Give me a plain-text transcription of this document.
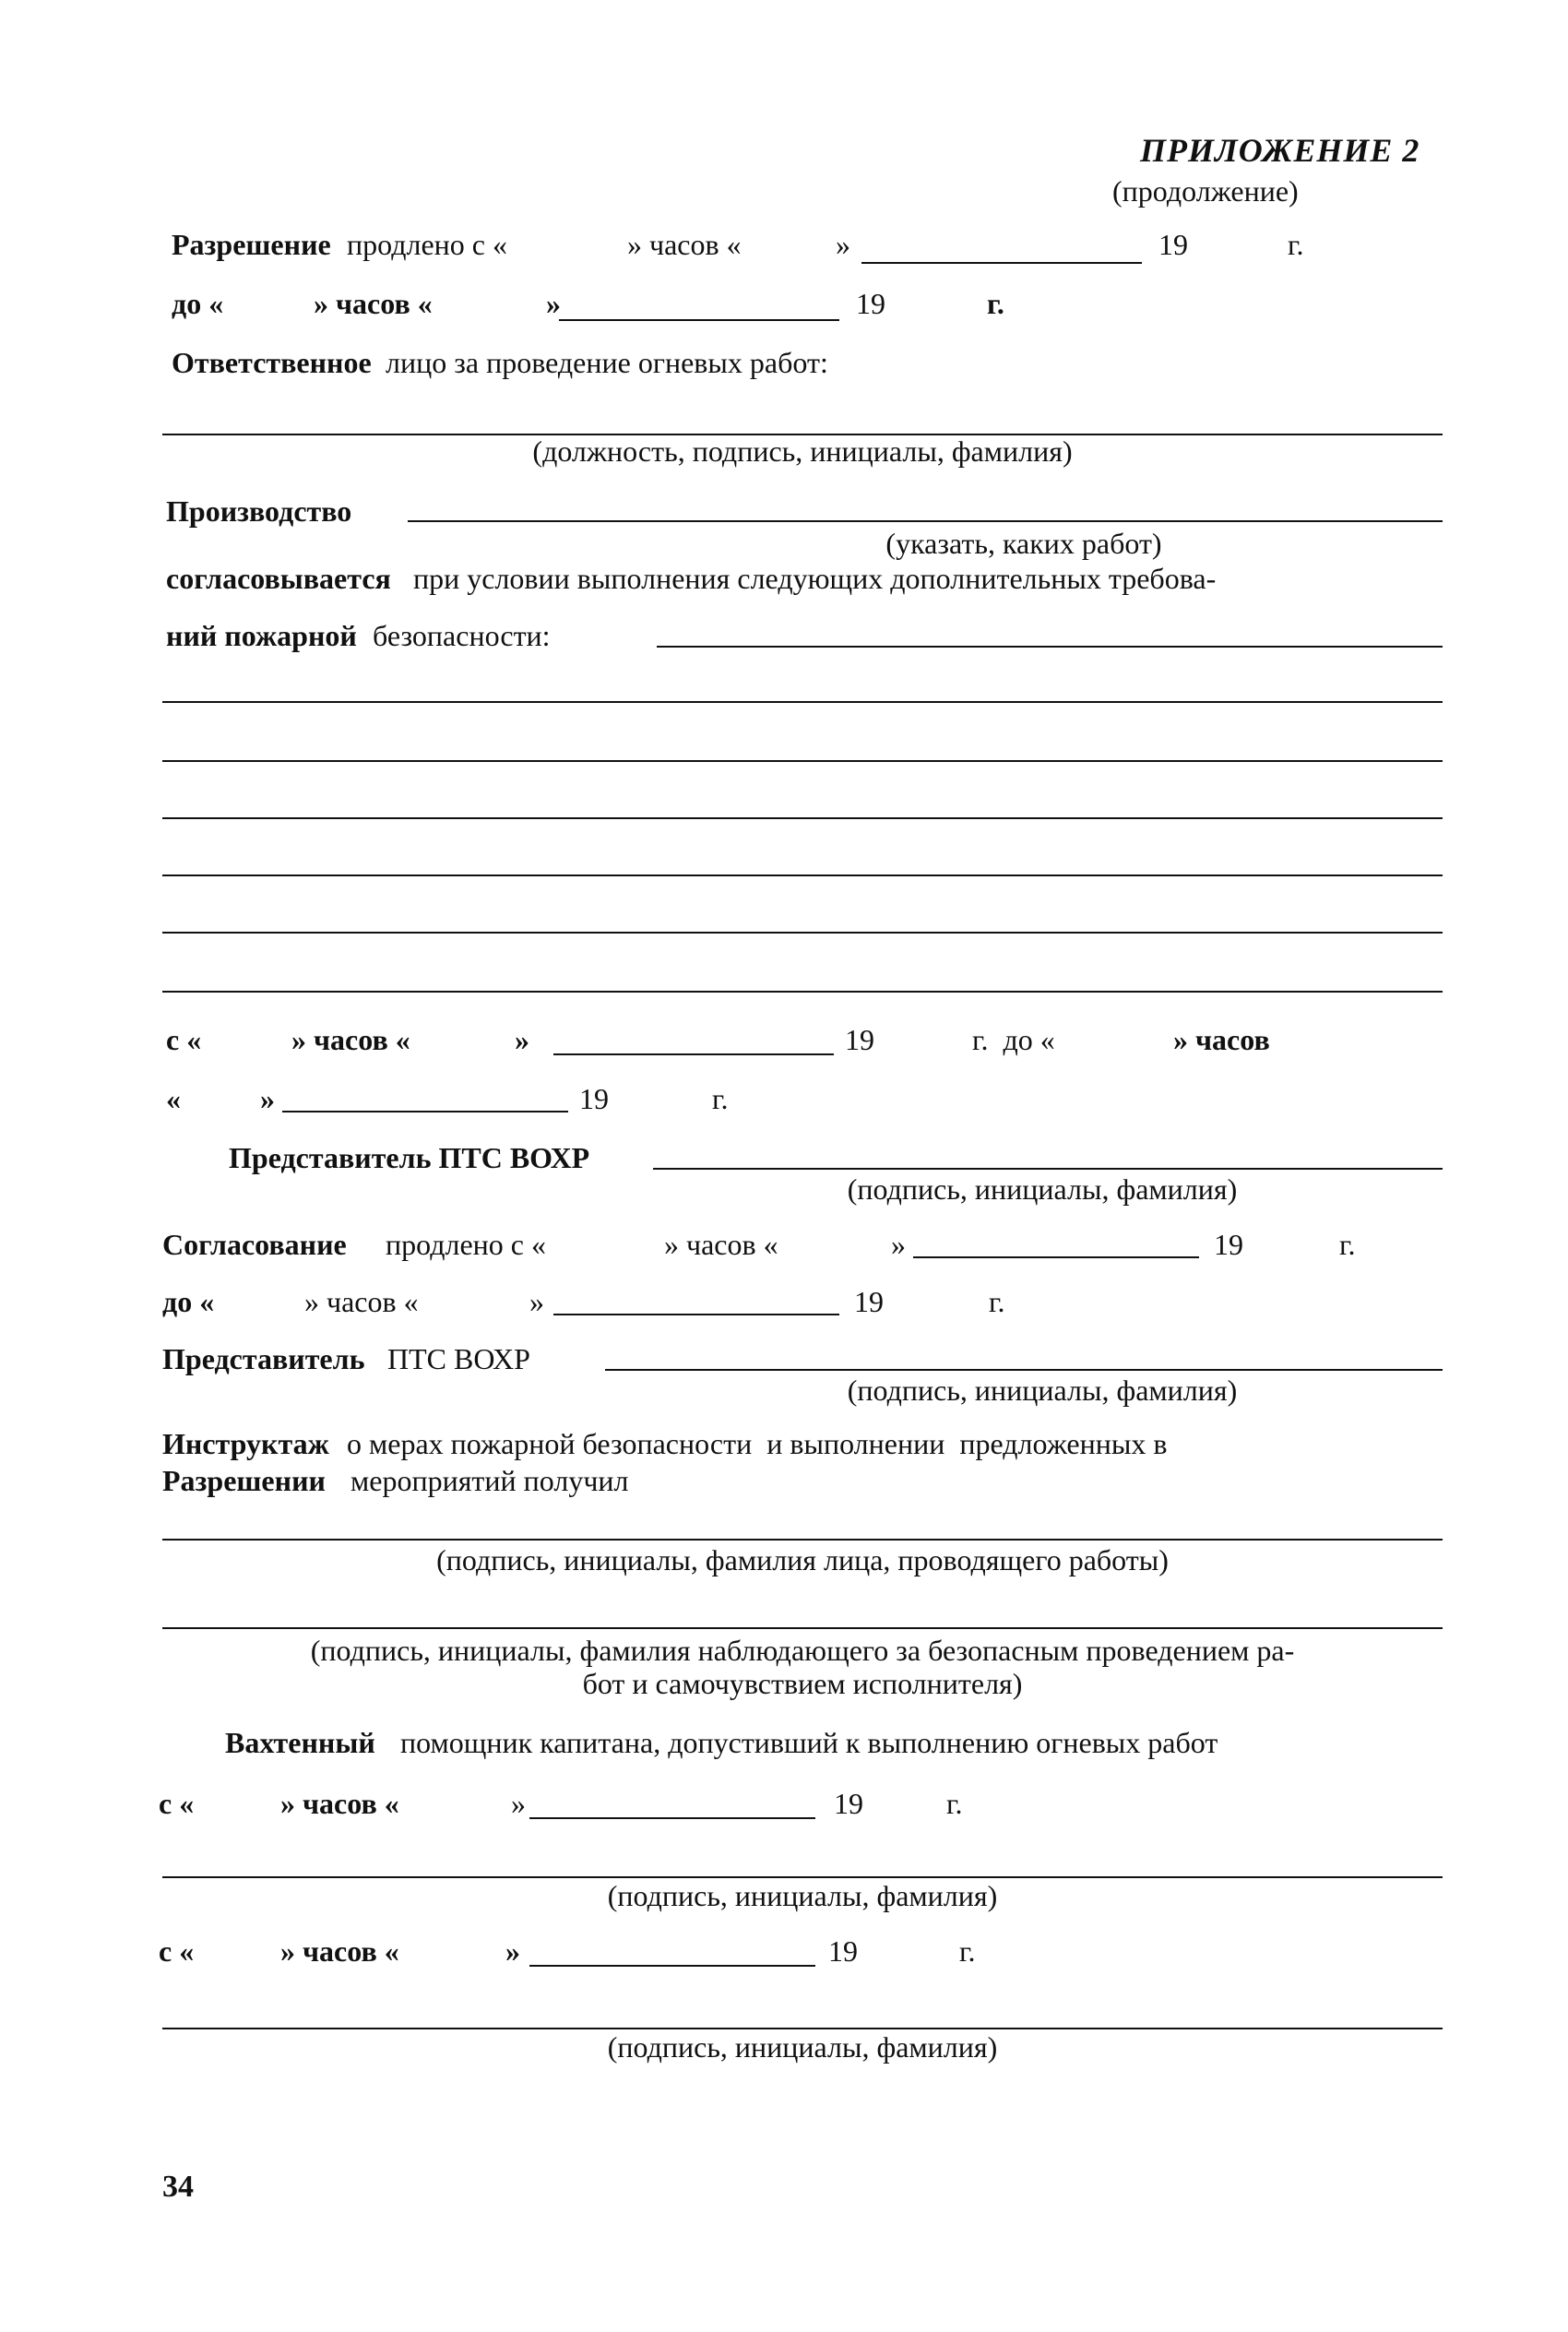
ПРИЛОЖЕНИЕ 2
(продолжение)
Разрешение продлено с «	» часов «	»	19	г.
до «	» часов «	»	19	г.
Ответственное лицо за проведение огневых работ:
(должность, подпись, инициалы, фамилия)
Производство
(указать, каких работ)
согласовывается при условии выполнения следующих дополнительных требова-
ний пожарной безопасности:
с «	» часов «	»	19	г.  до «	» часов
«	»	19	г.
Представитель ПТС ВОХР
(подпись, инициалы, фамилия)
Согласование продлено с «	» часов «	»	19	г.
до «	» часов «	»	19	г.
Представитель ПТС ВОХР
(подпись, инициалы, фамилия)
Инструктаж о мерах пожарной безопасности  и выполнении  предложенных в
Разрешении мероприятий получил
(подпись, инициалы, фамилия лица, проводящего работы)
(подпись, инициалы, фамилия наблюдающего за безопасным проведением ра-
бот и самочувствием исполнителя)
Вахтенный помощник капитана, допустивший к выполнению огневых работ
с «	» часов «	»	19	г.
(подпись, инициалы, фамилия)
с «	» часов «	»	19	г.
(подпись, инициалы, фамилия)
34
